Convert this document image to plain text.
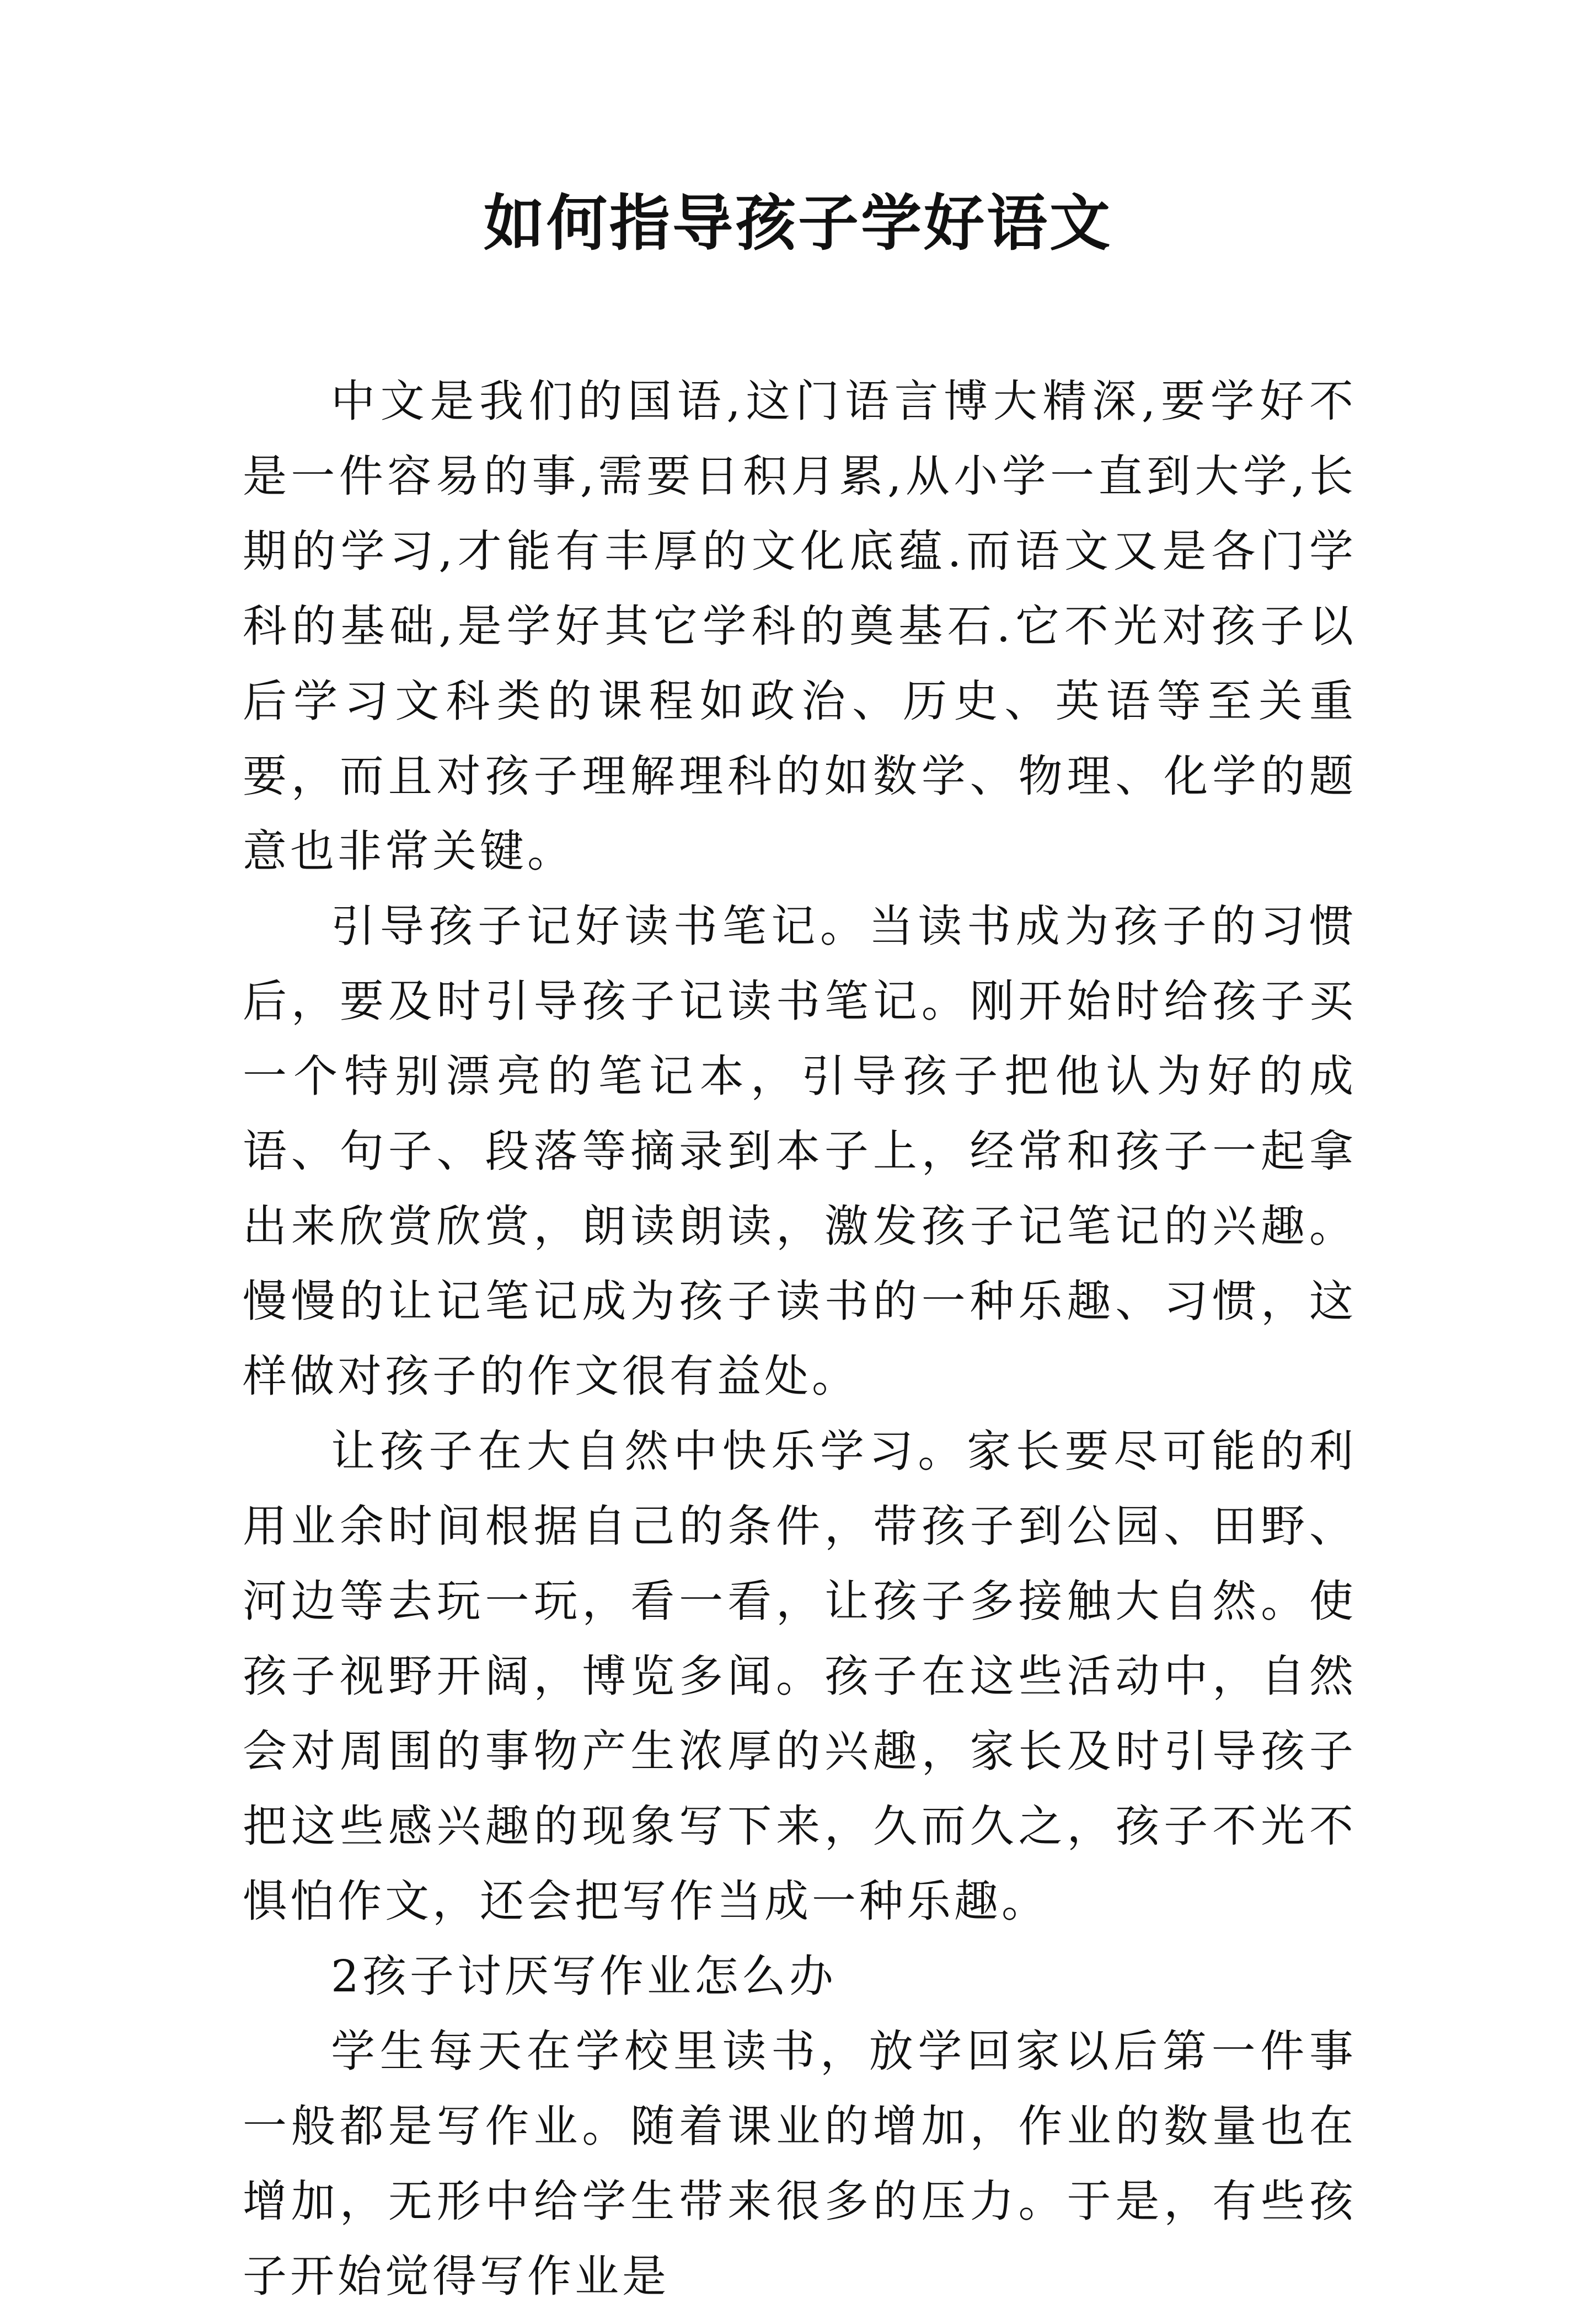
如何指导孩子学好语文

中文是我们的国语,这门语言博大精深,要学好不是一件容易的事,需要日积月累,从小学一直到大学,长期的学习,才能有丰厚的文化底蕴.而语文又是各门学科的基础,是学好其它学科的奠基石.它不光对孩子以后学习文科类的课程如政治、历史、英语等至关重要，而且对孩子理解理科的如数学、物理、化学的题意也非常关键。

引导孩子记好读书笔记。当读书成为孩子的习惯后，要及时引导孩子记读书笔记。刚开始时给孩子买一个特别漂亮的笔记本，引导孩子把他认为好的成语、句子、段落等摘录到本子上，经常和孩子一起拿出来欣赏欣赏，朗读朗读，激发孩子记笔记的兴趣。慢慢的让记笔记成为孩子读书的一种乐趣、习惯，这样做对孩子的作文很有益处。

让孩子在大自然中快乐学习。家长要尽可能的利用业余时间根据自己的条件，带孩子到公园、田野、河边等去玩一玩，看一看，让孩子多接触大自然。使孩子视野开阔，博览多闻。孩子在这些活动中，自然会对周围的事物产生浓厚的兴趣，家长及时引导孩子把这些感兴趣的现象写下来，久而久之，孩子不光不惧怕作文，还会把写作当成一种乐趣。

2孩子讨厌写作业怎么办

学生每天在学校里读书，放学回家以后第一件事一般都是写作业。随着课业的增加，作业的数量也在增加，无形中给学生带来很多的压力。于是，有些孩子开始觉得写作业是
